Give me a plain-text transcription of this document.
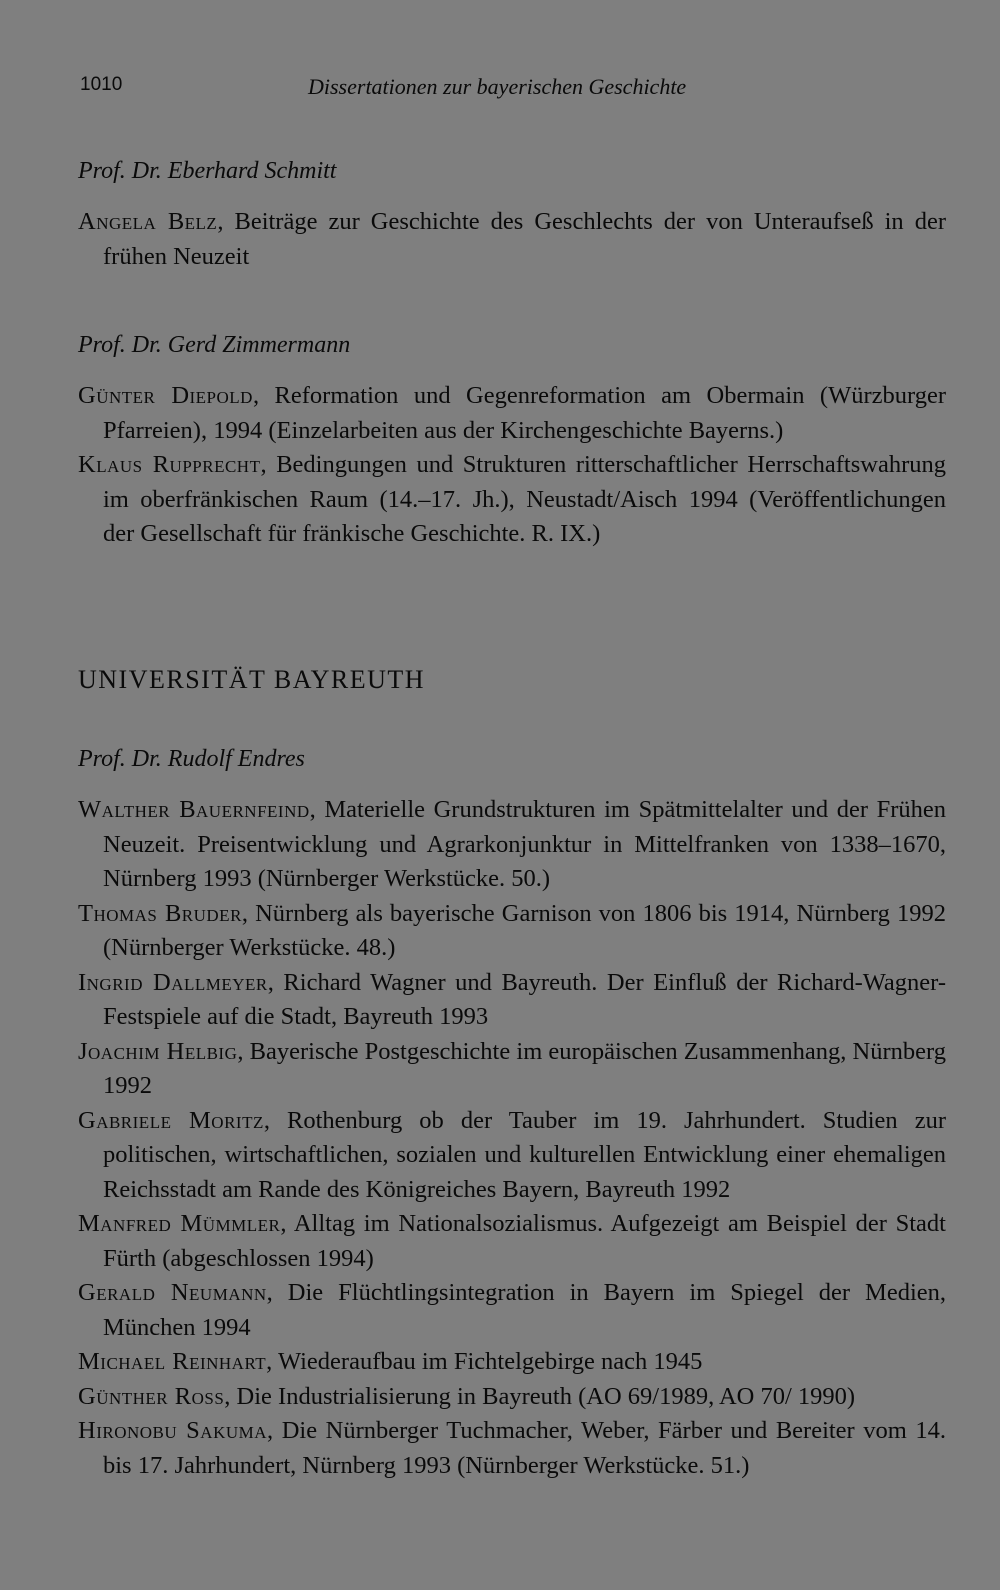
1010	Dissertationen zur bayerischen Geschichte
Prof. Dr. Eberhard Schmitt

Angela Belz, Beiträge zur Geschichte des Geschlechts der von Unteraufseß in der frühen Neuzeit

Prof. Dr. Gerd Zimmermann

Günter Diepold, Reformation und Gegenreformation am Obermain (Würzburger Pfarreien), 1994 (Einzelarbeiten aus der Kirchengeschichte Bayerns.)

Klaus Rupprecht, Bedingungen und Strukturen ritterschaftlicher Herrschaftswahrung im oberfränkischen Raum (14.–17. Jh.), Neustadt/Aisch 1994 (Veröffentlichungen der Gesellschaft für fränkische Geschichte. R. IX.)

UNIVERSITÄT BAYREUTH
Prof. Dr. Rudolf Endres

Walther Bauernfeind, Materielle Grundstrukturen im Spätmittelalter und der Frühen Neuzeit. Preisentwicklung und Agrarkonjunktur in Mittelfranken von 1338–1670, Nürnberg 1993 (Nürnberger Werkstücke. 50.)

Thomas Bruder, Nürnberg als bayerische Garnison von 1806 bis 1914, Nürnberg 1992 (Nürnberger Werkstücke. 48.)

Ingrid Dallmeyer, Richard Wagner und Bayreuth. Der Einfluß der Richard-Wagner-Festspiele auf die Stadt, Bayreuth 1993

Joachim Helbig, Bayerische Postgeschichte im europäischen Zusammenhang, Nürnberg 1992

Gabriele Moritz, Rothenburg ob der Tauber im 19. Jahrhundert. Studien zur politischen, wirtschaftlichen, sozialen und kulturellen Entwicklung einer ehemaligen Reichsstadt am Rande des Königreiches Bayern, Bayreuth 1992

Manfred Mümmler, Alltag im Nationalsozialismus. Aufgezeigt am Beispiel der Stadt Fürth (abgeschlossen 1994)

Gerald Neumann, Die Flüchtlingsintegration in Bayern im Spiegel der Medien, München 1994

Michael Reinhart, Wiederaufbau im Fichtelgebirge nach 1945

Günther Ross, Die Industrialisierung in Bayreuth (AO 69/1989, AO 70/ 1990)

Hironobu Sakuma, Die Nürnberger Tuchmacher, Weber, Färber und Bereiter vom 14. bis 17. Jahrhundert, Nürnberg 1993 (Nürnberger Werkstücke. 51.)
